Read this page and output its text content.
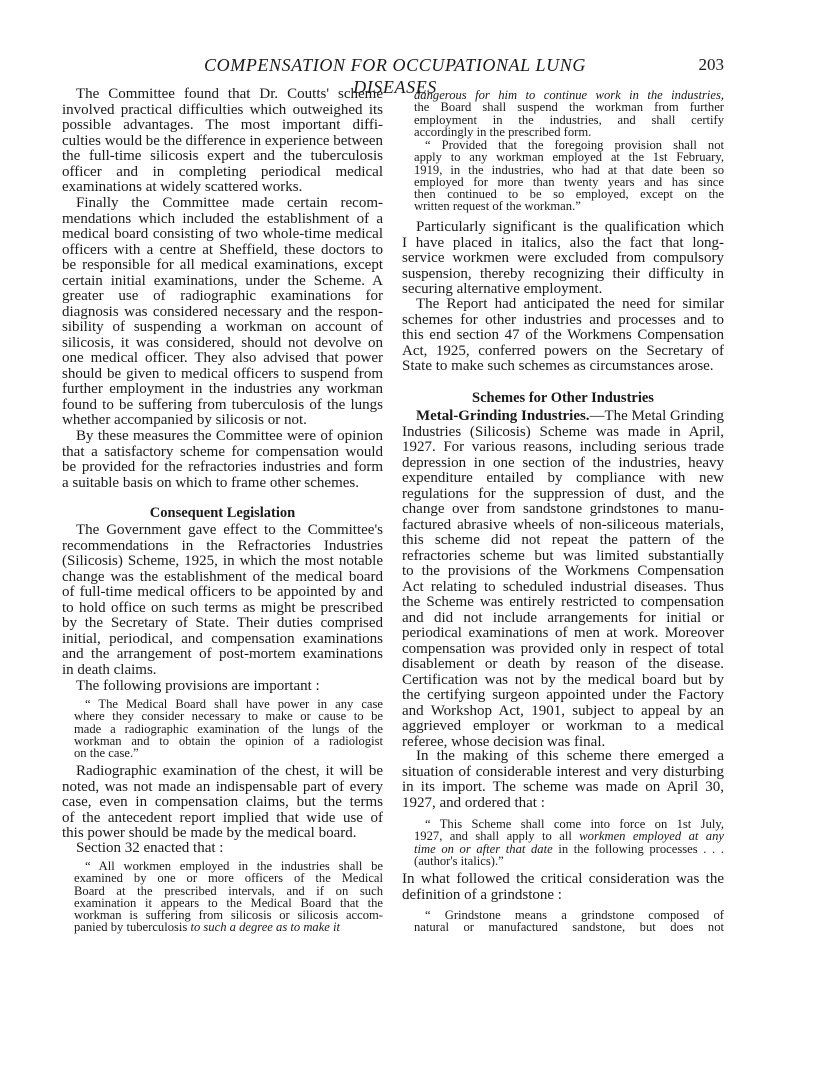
COMPENSATION FOR OCCUPATIONAL LUNG DISEASES
203
The Committee found that Dr. Coutts' scheme
involved practical difficulties which outweighed its
possible advantages. The most important diffi-
culties would be the difference in experience between
the full-time silicosis expert and the tuberculosis
officer and in completing periodical medical
examinations at widely scattered works.
Finally the Committee made certain recom-
mendations which included the establishment of a
medical board consisting of two whole-time medical
officers with a centre at Sheffield, these doctors to
be responsible for all medical examinations, except
certain initial examinations, under the Scheme. A
greater use of radiographic examinations for
diagnosis was considered necessary and the respon-
sibility of suspending a workman on account of
silicosis, it was considered, should not devolve on
one medical officer. They also advised that power
should be given to medical officers to suspend from
further employment in the industries any workman
found to be suffering from tuberculosis of the lungs
whether accompanied by silicosis or not.
By these measures the Committee were of opinion
that a satisfactory scheme for compensation would
be provided for the refractories industries and form
a suitable basis on which to frame other schemes.
Consequent Legislation
The Government gave effect to the Committee's
recommendations in the Refractories Industries
(Silicosis) Scheme, 1925, in which the most notable
change was the establishment of the medical board
of full-time medical officers to be appointed by and
to hold office on such terms as might be prescribed
by the Secretary of State. Their duties comprised
initial, periodical, and compensation examinations
and the arrangement of post-mortem examinations
in death claims.
The following provisions are important :
“ The Medical Board shall have power in any case
where they consider necessary to make or cause to be
made a radiographic examination of the lungs of the
workman and to obtain the opinion of a radiologist
on the case.”
Radiographic examination of the chest, it will be
noted, was not made an indispensable part of every
case, even in compensation claims, but the terms
of the antecedent report implied that wide use of
this power should be made by the medical board.
Section 32 enacted that :
“ All workmen employed in the industries shall be
examined by one or more officers of the Medical
Board at the prescribed intervals, and if on such
examination it appears to the Medical Board that the
workman is suffering from silicosis or silicosis accom-
panied by tuberculosis to such a degree as to make it
dangerous for him to continue work in the industries,
the Board shall suspend the workman from further
employment in the industries, and shall certify
accordingly in the prescribed form.
“ Provided that the foregoing provision shall not
apply to any workman employed at the 1st February,
1919, in the industries, who had at that date been so
employed for more than twenty years and has since
then continued to be so employed, except on the
written request of the workman.”
Particularly significant is the qualification which
I have placed in italics, also the fact that long-
service workmen were excluded from compulsory
suspension, thereby recognizing their difficulty in
securing alternative employment.
The Report had anticipated the need for similar
schemes for other industries and processes and to
this end section 47 of the Workmens Compensation
Act, 1925, conferred powers on the Secretary of
State to make such schemes as circumstances arose.
Schemes for Other Industries
Metal-Grinding Industries.—The Metal Grinding
Industries (Silicosis) Scheme was made in April,
1927. For various reasons, including serious trade
depression in one section of the industries, heavy
expenditure entailed by compliance with new
regulations for the suppression of dust, and the
change over from sandstone grindstones to manu-
factured abrasive wheels of non-siliceous materials,
this scheme did not repeat the pattern of the
refractories scheme but was limited substantially
to the provisions of the Workmens Compensation
Act relating to scheduled industrial diseases. Thus
the Scheme was entirely restricted to compensation
and did not include arrangements for initial or
periodical examinations of men at work. Moreover
compensation was provided only in respect of total
disablement or death by reason of the disease.
Certification was not by the medical board but by
the certifying surgeon appointed under the Factory
and Workshop Act, 1901, subject to appeal by an
aggrieved employer or workman to a medical
referee, whose decision was final.
In the making of this scheme there emerged a
situation of considerable interest and very disturbing
in its import. The scheme was made on April 30,
1927, and ordered that :
“ This Scheme shall come into force on 1st July,
1927, and shall apply to all workmen employed at any
time on or after that date in the following processes . . .
(author's italics).”
In what followed the critical consideration was the
definition of a grindstone :
“ Grindstone means a grindstone composed of
natural or manufactured sandstone, but does not
